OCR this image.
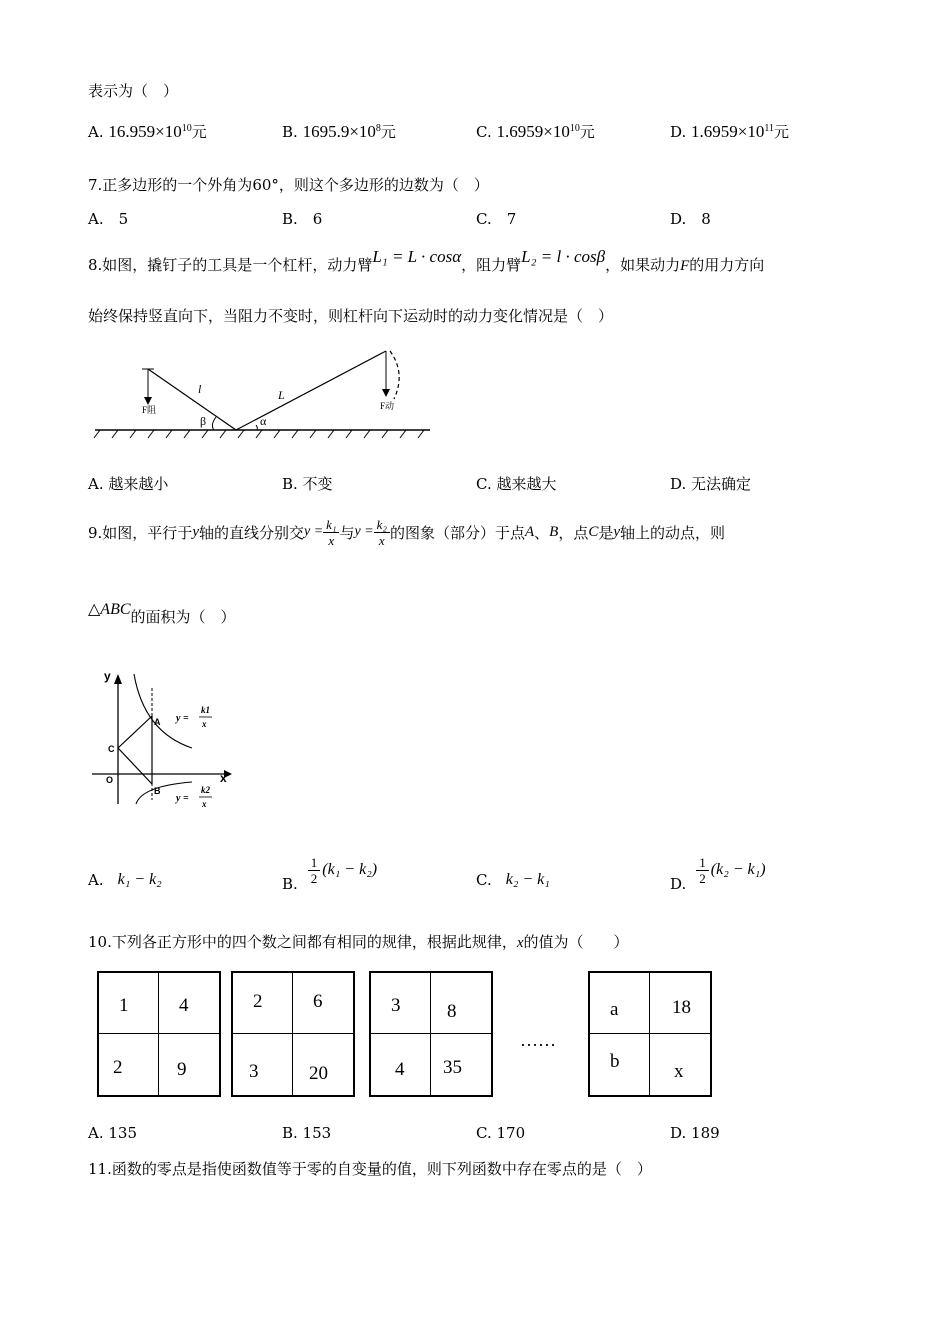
表示为（　）
A. $16.959\times 10^{10}$元	B. $1695.9\times 10^8$元	C. $1.6959\times 10^{10}$元	D. $1.6959\times 10^{11}$元
7.正多边形的一个外角为60°，则这个多边形的边数为（　）
A.　5	B.　6	C.　7	D.　8
8.如图，撬钉子的工具是一个杠杆，动力臂L₁ = L · cosα，阻力臂L₂ = l · cosβ，如果动力F的用力方向
始终保持竖直向下，当阻力不变时，则杠杆向下运动时的动力变化情况是（　）
F阻	F动
l	L
β	α
A. 越来越小	B. 不变	C. 越来越大	D. 无法确定
9.如图，平行于 y 轴的直线分别交 $y = \frac{\text{k₁}}{x}$ 与 $y = \frac{\text{k₂}}{x}$ 的图象（部分）于点 A 、 B ，点 C 是 y 轴上的动点，则
△ABC的面积为（　）
y
x
O
A
B
C
y =
k1
x
y =
k2
x
A. k₁ − k₂	B. $\frac{1}{2} (k_1 - k_2)$
C. k₂ − k₁	D. $\frac{1}{2} (k_2 - k_1)$
10.下列各正方形中的四个数之间都有相同的规律，根据此规律，x的值为（　　）
1	4
2	9
2	6
3	20
3 8
4 35
……
a	18
b	x
A. 135	B. 153	C. 170	D. 189
11.函数的零点是指使函数值等于零的自变量的值，则下列函数中存在零点的是（　）
